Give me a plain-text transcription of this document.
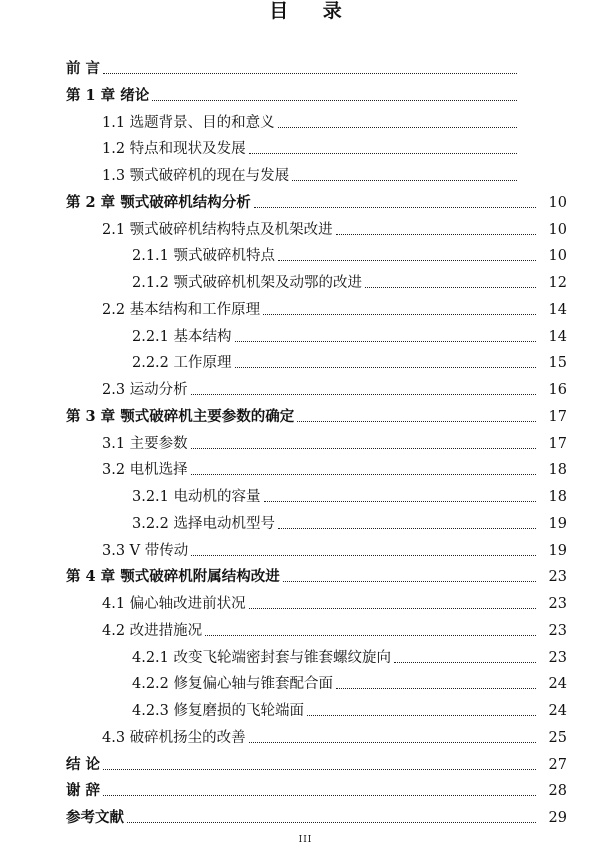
目 录
前 言
第 1 章 绪论
1.1 选题背景、目的和意义
1.2 特点和现状及发展
1.3 颚式破碎机的现在与发展
第 2 章 颚式破碎机结构分析	10
2.1 颚式破碎机结构特点及机架改进	10
2.1.1 颚式破碎机特点	10
2.1.2 颚式破碎机机架及动鄂的改进	12
2.2 基本结构和工作原理	14
2.2.1 基本结构	14
2.2.2 工作原理	15
2.3 运动分析	16
第 3 章 颚式破碎机主要参数的确定	17
3.1 主要参数	17
3.2 电机选择	18
3.2.1 电动机的容量	18
3.2.2 选择电动机型号	19
3.3 V 带传动	19
第 4 章 颚式破碎机附属结构改进	23
4.1 偏心轴改进前状况	23
4.2 改进措施况	23
4.2.1 改变飞轮端密封套与锥套螺纹旋向	23
4.2.2 修复偏心轴与锥套配合面	24
4.2.3 修复磨损的飞轮端面	24
4.3 破碎机扬尘的改善	25
结 论	27
谢 辞	28
参考文献	29
III
